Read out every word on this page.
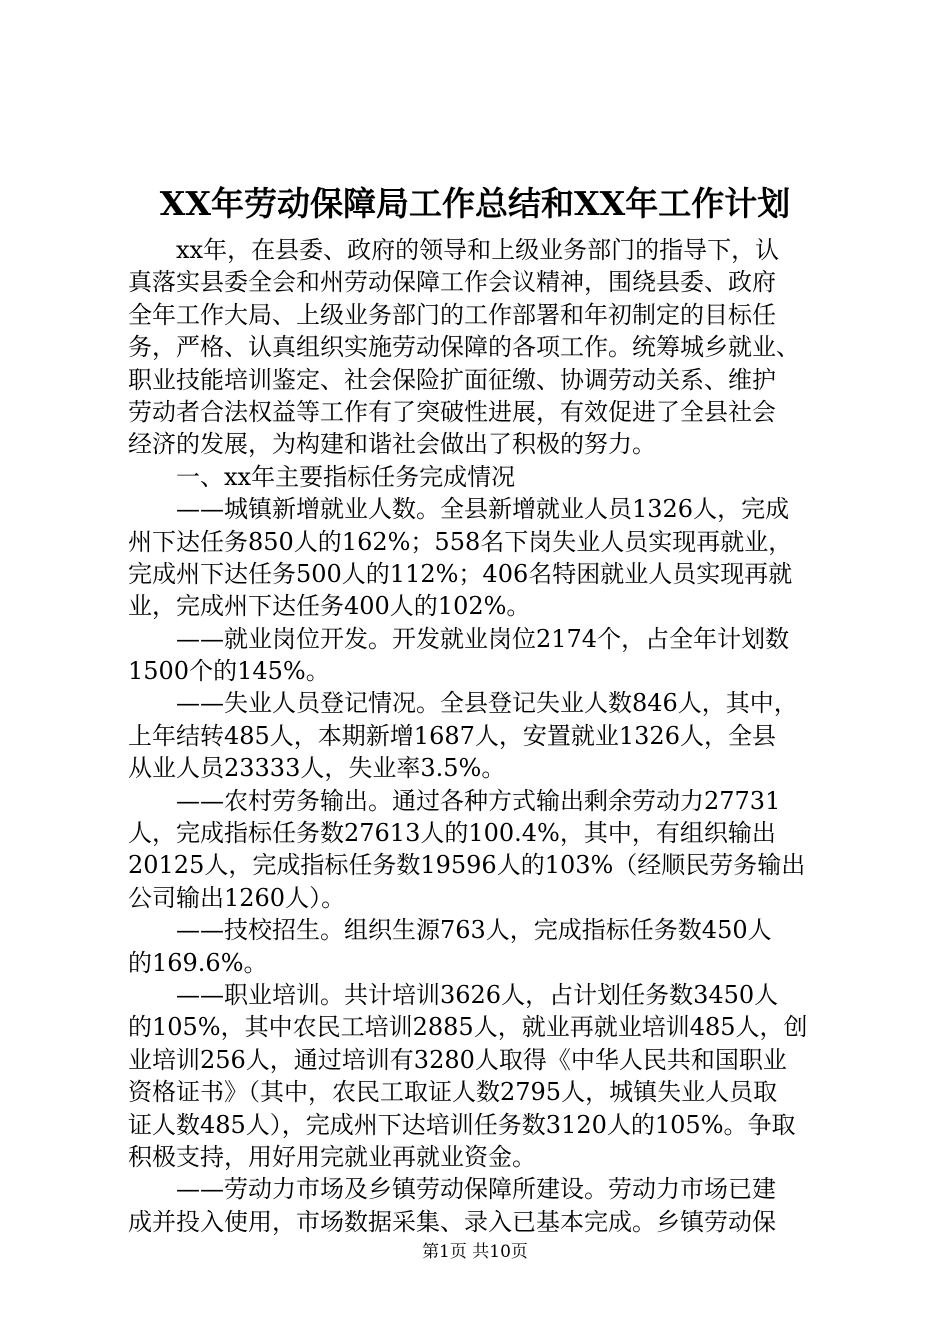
XX年劳动保障局工作总结和XX年工作计划
xx年，在县委、政府的领导和上级业务部门的指导下，认
真落实县委全会和州劳动保障工作会议精神，围绕县委、政府
全年工作大局、上级业务部门的工作部署和年初制定的目标任
务，严格、认真组织实施劳动保障的各项工作。统筹城乡就业、
职业技能培训鉴定、社会保险扩面征缴、协调劳动关系、维护
劳动者合法权益等工作有了突破性进展，有效促进了全县社会
经济的发展，为构建和谐社会做出了积极的努力。
一、xx年主要指标任务完成情况
——城镇新增就业人数。全县新增就业人员1326人，完成
州下达任务850人的162%；558名下岗失业人员实现再就业，
完成州下达任务500人的112%；406名特困就业人员实现再就
业，完成州下达任务400人的102%。
——就业岗位开发。开发就业岗位2174个，占全年计划数
1500个的145%。
——失业人员登记情况。全县登记失业人数846人，其中，
上年结转485人，本期新增1687人，安置就业1326人，全县
从业人员23333人，失业率3.5%。
——农村劳务输出。通过各种方式输出剩余劳动力27731
人，完成指标任务数27613人的100.4%，其中，有组织输出
20125人，完成指标任务数19596人的103%（经顺民劳务输出
公司输出1260人）。
——技校招生。组织生源763人，完成指标任务数450人
的169.6%。
——职业培训。共计培训3626人，占计划任务数3450人
的105%，其中农民工培训2885人，就业再就业培训485人，创
业培训256人，通过培训有3280人取得《中华人民共和国职业
资格证书》（其中，农民工取证人数2795人，城镇失业人员取
证人数485人），完成州下达培训任务数3120人的105%。争取
积极支持，用好用完就业再就业资金。
——劳动力市场及乡镇劳动保障所建设。劳动力市场已建
成并投入使用，市场数据采集、录入已基本完成。乡镇劳动保
第1页 共10页
